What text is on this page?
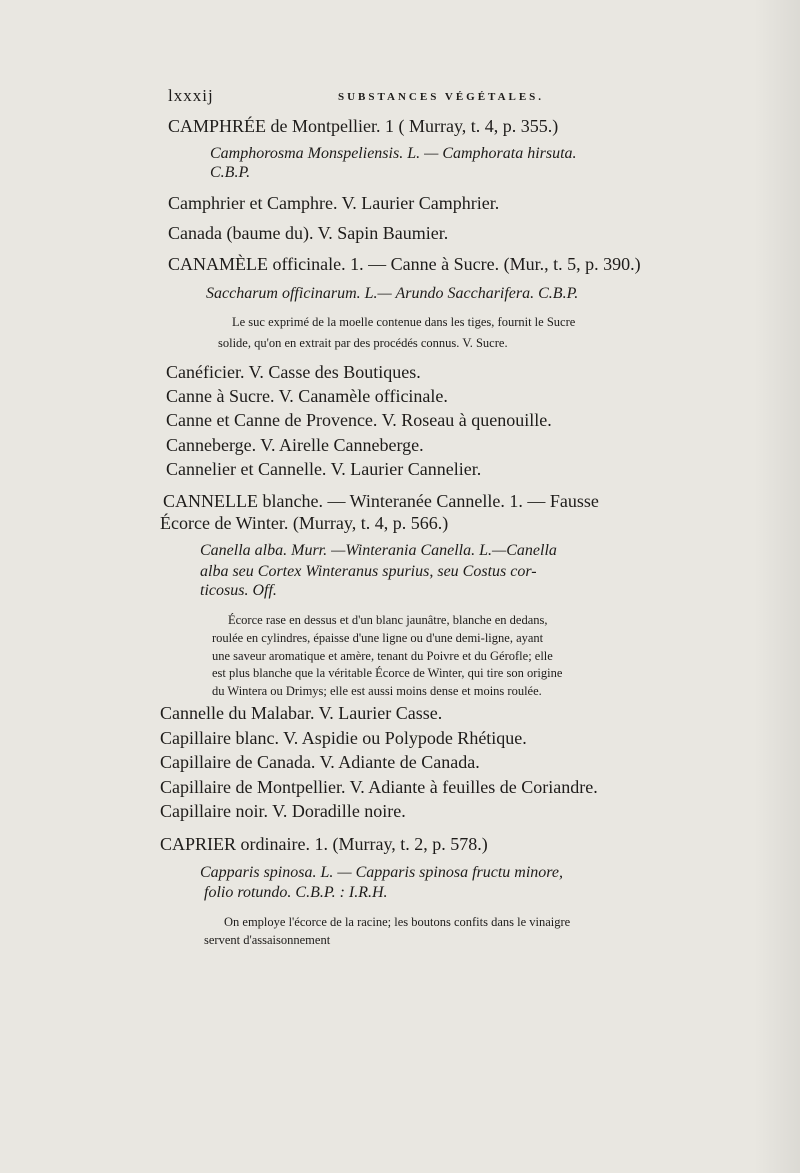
lxxxij	SUBSTANCES VÉGÉTALES.
CAMPHRÉE de Montpellier. 1 ( Murray, t. 4, p. 355.)
Camphorosma Monspeliensis. L. — Camphorata hirsuta.
C.B.P.
Camphrier et Camphre. V. Laurier Camphrier.
Canada (baume du). V. Sapin Baumier.
CANAMÈLE officinale. 1. — Canne à Sucre. (Mur., t. 5, p. 390.)
Saccharum officinarum. L.— Arundo Saccharifera. C.B.P.
Le suc exprimé de la moelle contenue dans les tiges, fournit le Sucre
solide, qu'on en extrait par des procédés connus. V. Sucre.
Canéficier. V. Casse des Boutiques.
Canne à Sucre. V. Canamèle officinale.
Canne et Canne de Provence. V. Roseau à quenouille.
Canneberge. V. Airelle Canneberge.
Cannelier et Cannelle. V. Laurier Cannelier.
CANNELLE blanche. — Winteranée Cannelle. 1. — Fausse
Écorce de Winter. (Murray, t. 4, p. 566.)
Canella alba. Murr. —Winterania Canella. L.—Canella
alba seu Cortex Winteranus spurius, seu Costus cor-
ticosus. Off.
Écorce rase en dessus et d'un blanc jaunâtre, blanche en dedans,
roulée en cylindres, épaisse d'une ligne ou d'une demi-ligne, ayant
une saveur aromatique et amère, tenant du Poivre et du Gérofle; elle
est plus blanche que la véritable Écorce de Winter, qui tire son origine
du Wintera ou Drimys; elle est aussi moins dense et moins roulée.
Cannelle du Malabar. V. Laurier Casse.
Capillaire blanc. V. Aspidie ou Polypode Rhétique.
Capillaire de Canada. V. Adiante de Canada.
Capillaire de Montpellier. V. Adiante à feuilles de Coriandre.
Capillaire noir. V. Doradille noire.
CAPRIER ordinaire. 1. (Murray, t. 2, p. 578.)
Capparis spinosa. L. — Capparis spinosa fructu minore,
folio rotundo. C.B.P. : I.R.H.
On employe l'écorce de la racine; les boutons confits dans le vinaigre
servent d'assaisonnement
